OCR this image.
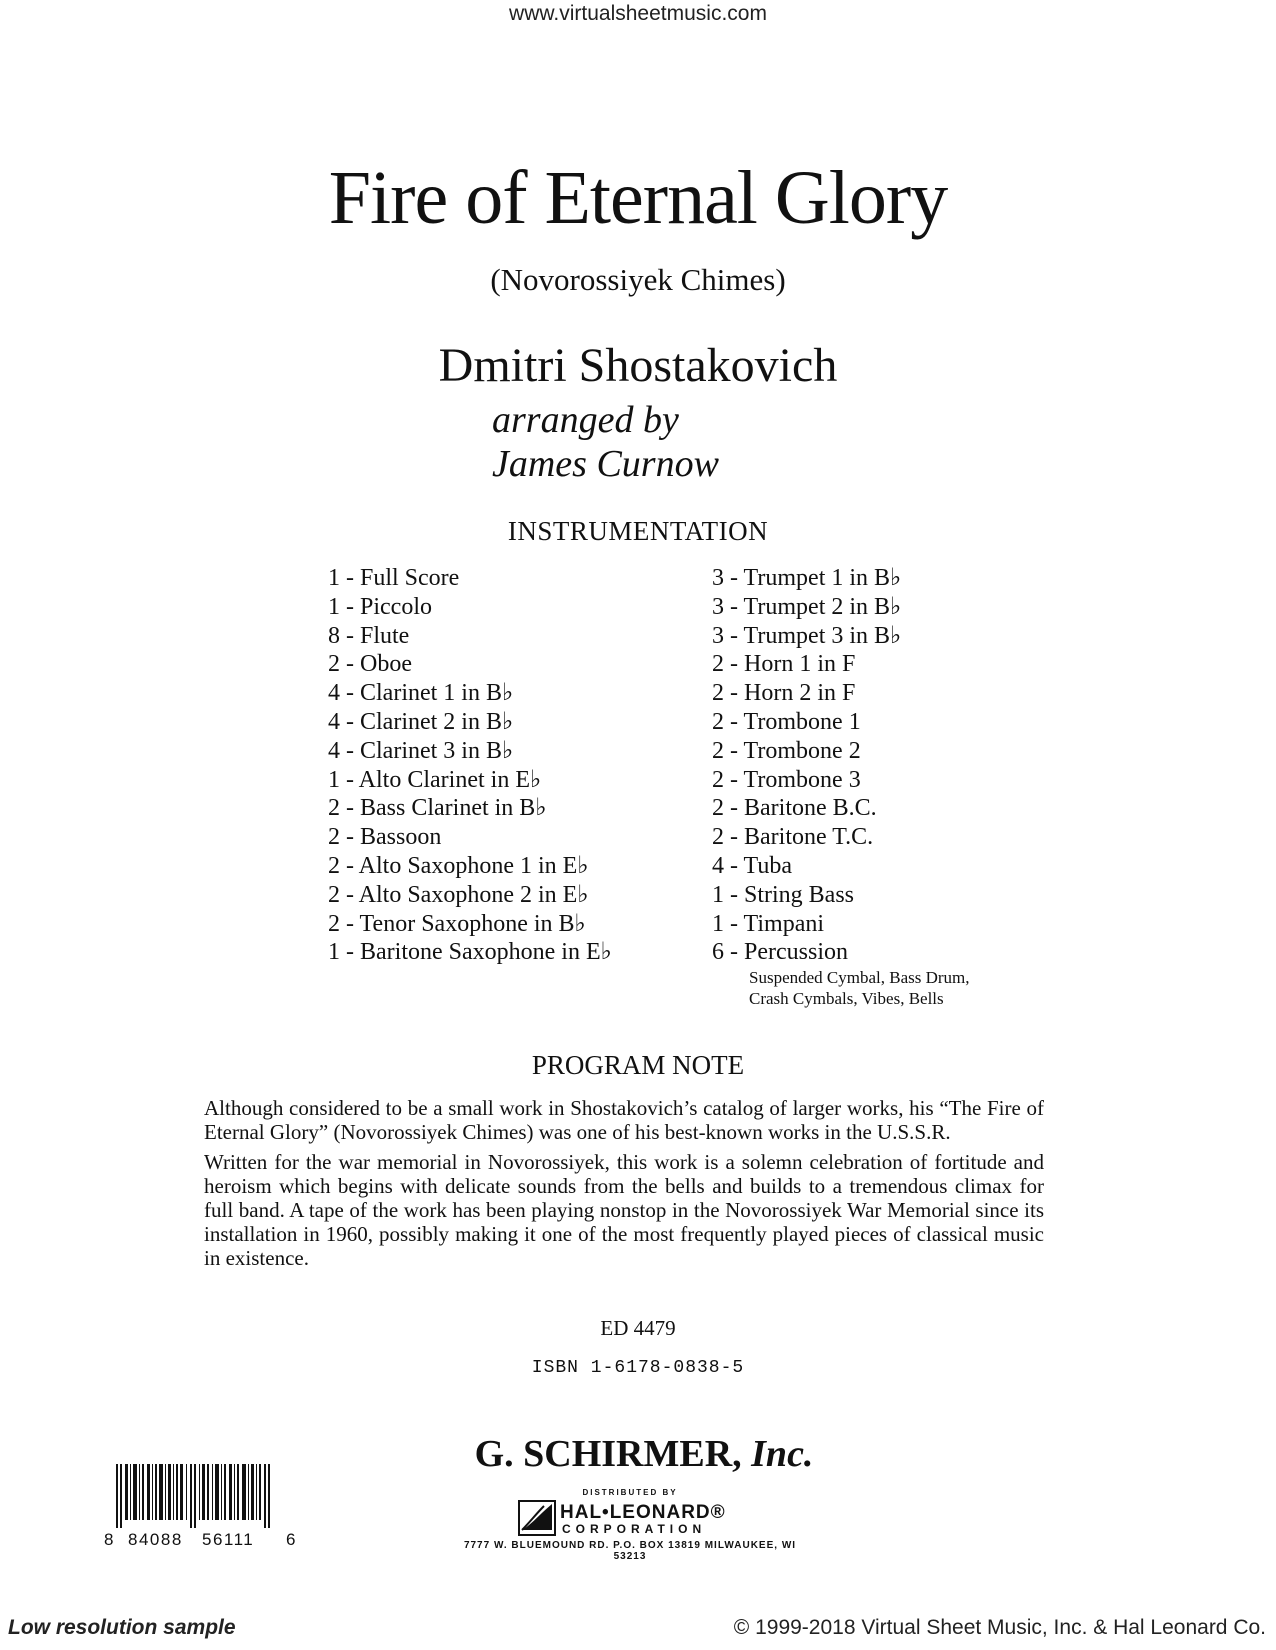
www.virtualsheetmusic.com
Fire of Eternal Glory
(Novorossiyek Chimes)
Dmitri Shostakovich
arranged by
James Curnow
INSTRUMENTATION
1 - Full Score
1 - Piccolo
8 - Flute
2 - Oboe
4 - Clarinet 1 in B♭
4 - Clarinet 2 in B♭
4 - Clarinet 3 in B♭
1 - Alto Clarinet in E♭
2 - Bass Clarinet in B♭
2 - Bassoon
2 - Alto Saxophone 1 in E♭
2 - Alto Saxophone 2 in E♭
2 - Tenor Saxophone in B♭
1 - Baritone Saxophone in E♭
3 - Trumpet 1 in B♭
3 - Trumpet 2 in B♭
3 - Trumpet 3 in B♭
2 - Horn 1 in F
2 - Horn 2 in F
2 - Trombone 1
2 - Trombone 2
2 - Trombone 3
2 - Baritone B.C.
2 - Baritone T.C.
4 - Tuba
1 - String Bass
1 - Timpani
6 - Percussion
Suspended Cymbal, Bass Drum,
Crash Cymbals, Vibes, Bells
PROGRAM NOTE
Although considered to be a small work in Shostakovich’s catalog of larger works, his “The Fire of Eternal Glory” (Novorossiyek Chimes) was one of his best-known works in the U.S.S.R.
Written for the war memorial in Novorossiyek, this work is a solemn celebration of fortitude and heroism which begins with delicate sounds from the bells and builds to a tremendous climax for full band. A tape of the work has been playing nonstop in the Novorossiyek War Memorial since its installation in 1960, possibly making it one of the most frequently played pieces of classical music in existence.
ED 4479
ISBN 1-6178-0838-5
G. SCHIRMER, Inc.
DISTRIBUTED BY
HAL•LEONARD®
CORPORATION
7777 W. BLUEMOUND RD. P.O. BOX 13819 MILWAUKEE, WI 53213
8 84088 56111 6
Low resolution sample	© 1999-2018 Virtual Sheet Music, Inc. & Hal Leonard Co.
